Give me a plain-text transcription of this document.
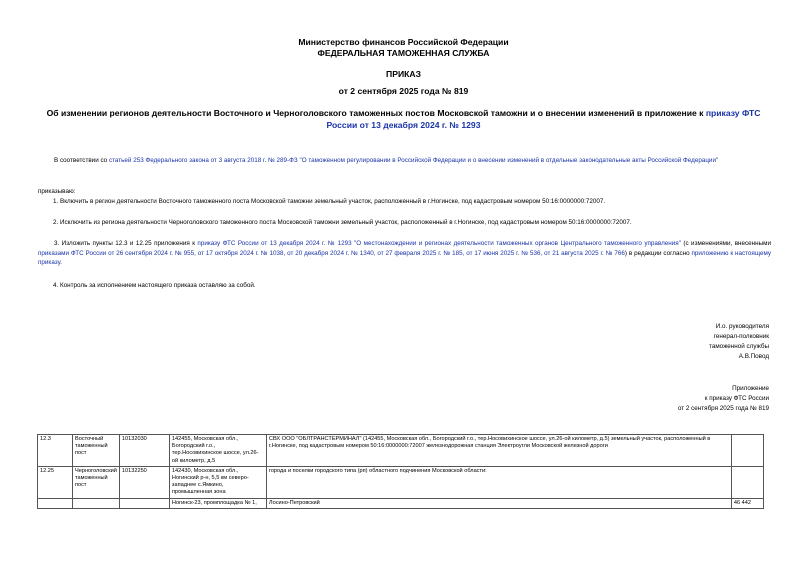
Министерство финансов Российской Федерации
ФЕДЕРАЛЬНАЯ ТАМОЖЕННАЯ СЛУЖБА
ПРИКАЗ
от 2 сентября 2025 года № 819
Об изменении регионов деятельности Восточного и Черноголовского таможенных постов Московской таможни и о внесении изменений в приложение к приказу ФТС России от 13 декабря 2024 г. № 1293
В соответствии со статьей 253 Федерального закона от 3 августа 2018 г. № 289-ФЗ "О таможенном регулировании в Российской Федерации и о внесении изменений в отдельные законодательные акты Российской Федерации"
приказываю:
1. Включить в регион деятельности Восточного таможенного поста Московской таможни земельный участок, расположенный в г.Ногинске, под кадастровым номером 50:16:0000000:72007.
2. Исключить из региона деятельности Черноголовского таможенного поста Московской таможни земельный участок, расположенный в г.Ногинске, под кадастровым номером 50:16:0000000:72007.
3. Изложить пункты 12.3 и 12.25 приложения к приказу ФТС России от 13 декабря 2024 г. № 1293 "О местонахождении и регионах деятельности таможенных органов Центрального таможенного управления" (с изменениями, внесенными приказами ФТС России от 26 сентября 2024 г. № 955, от 17 октября 2024 г. № 1038, от 20 декабря 2024 г. № 1340, от 27 февраля 2025 г. № 185, от 17 июня 2025 г. № 536, от 21 августа 2025 г. № 766) в редакции согласно приложению к настоящему приказу.
4. Контроль за исполнением настоящего приказа оставляю за собой.
И.о. руководителя
генерал-полковник
таможенной службы
А.В.Повод
Приложение
к приказу ФТС России
от 2 сентября 2025 года № 819
12.3	Восточный таможенный пост	10132030	142455, Московская обл., Богородский г.о., тер.Носовихинское шоссе, ул.26-ой километр, д.5	СВХ ООО "ОБЛТРАНСТЕРМИНАЛ" (142455, Московская обл., Богородский г.о., тер.Носовихинское шоссе, ул.26-ой километр, д.5) земельный участок, расположенный в г.Ногинске, под кадастровым номером 50:16:0000000:72007 железнодорожная станция Электроугли Московской железной дороги	
12.25	Черноголовский таможенный пост	10132250	142430, Московская обл., Ногинский р-н, 5,5 км северо-западнее с.Ямкино, промышленная зона	города и поселки городского типа (рп) областного подчинения Московской области:	
			Ногинск-23, промплощадка № 1,	Лосино-Петровский	46 442
